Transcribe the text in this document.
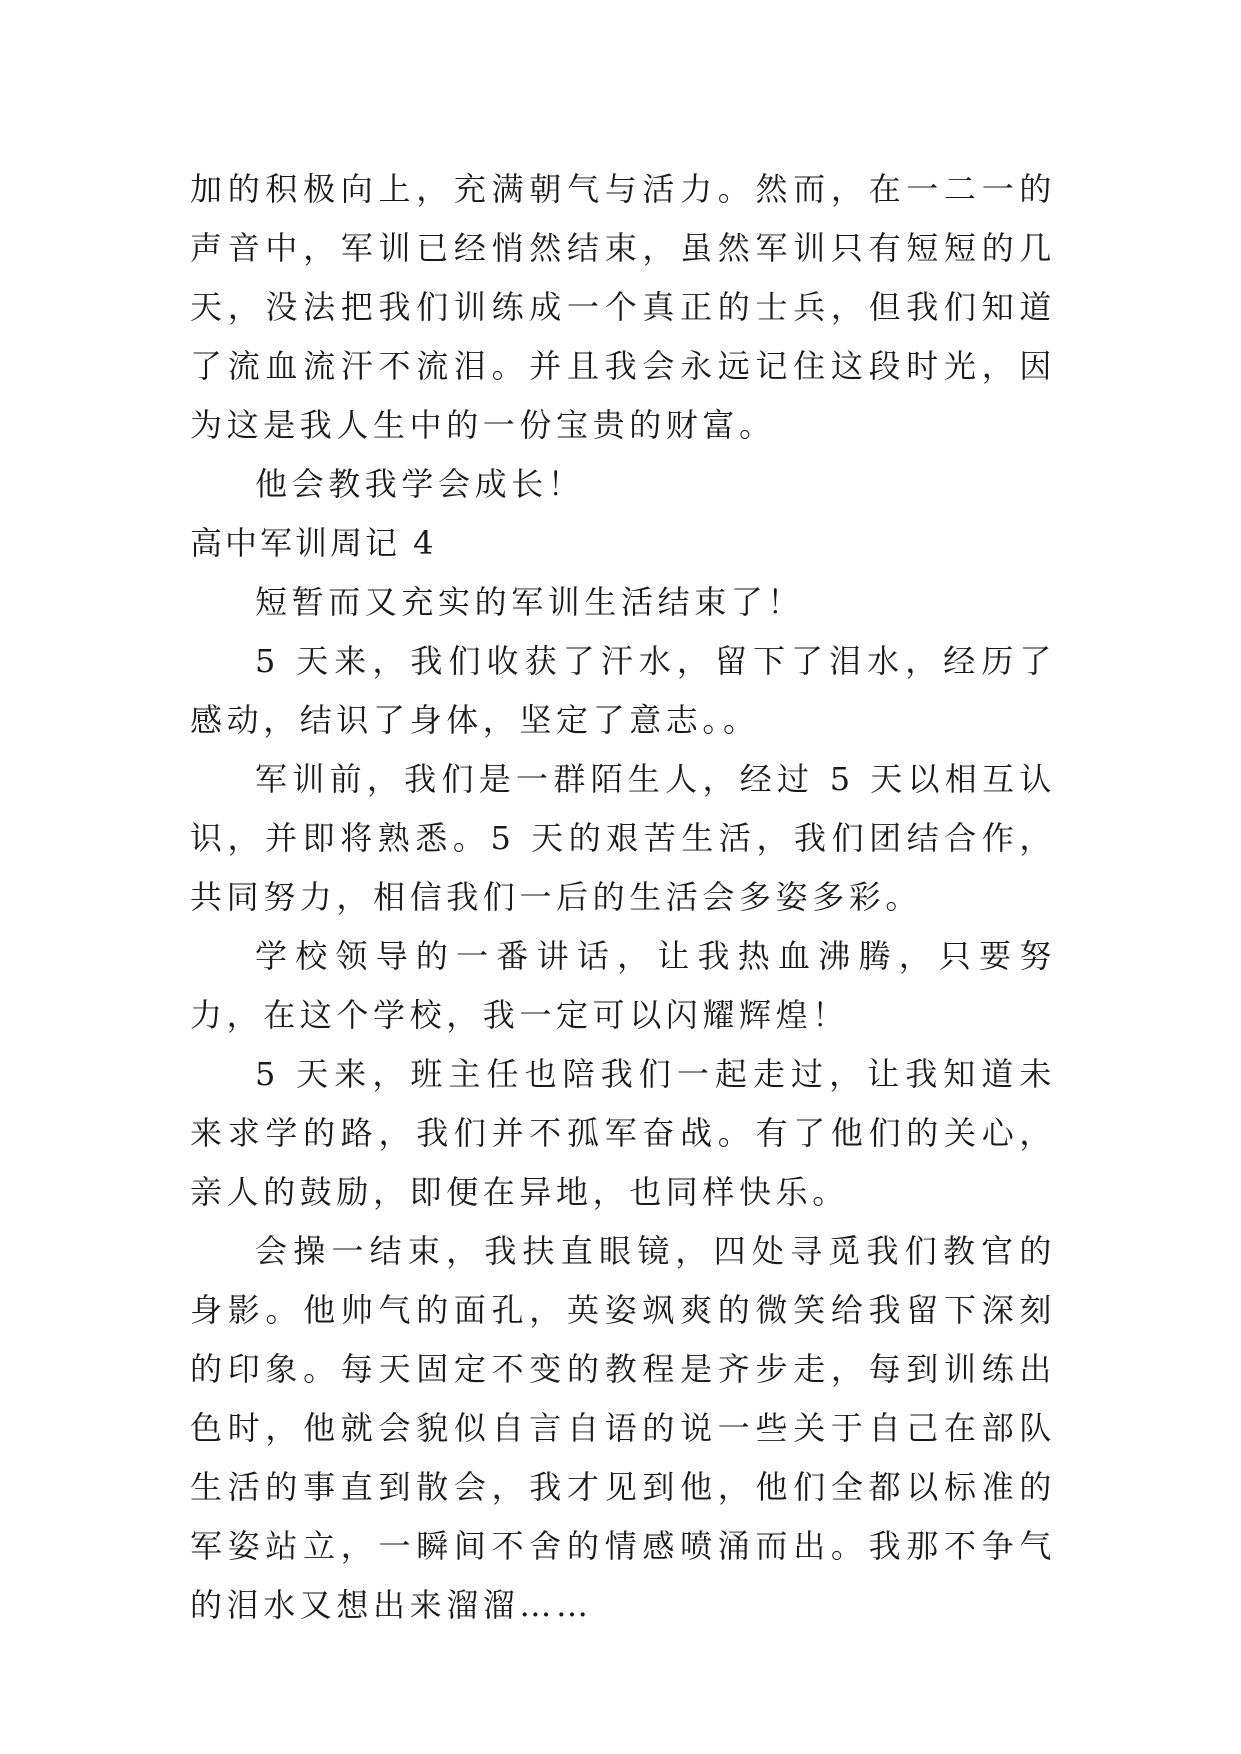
加的积极向上，充满朝气与活力。然而，在一二一的声音中，军训已经悄然结束，虽然军训只有短短的几天，没法把我们训练成一个真正的士兵，但我们知道了流血流汗不流泪。并且我会永远记住这段时光，因为这是我人生中的一份宝贵的财富。

他会教我学会成长！

高中军训周记 4

短暂而又充实的军训生活结束了！

5 天来，我们收获了汗水，留下了泪水，经历了感动，结识了身体，坚定了意志。。

军训前，我们是一群陌生人，经过 5 天以相互认识，并即将熟悉。5 天的艰苦生活，我们团结合作，共同努力，相信我们一后的生活会多姿多彩。

学校领导的一番讲话，让我热血沸腾，只要努力，在这个学校，我一定可以闪耀辉煌！

5 天来，班主任也陪我们一起走过，让我知道未来求学的路，我们并不孤军奋战。有了他们的关心，亲人的鼓励，即便在异地，也同样快乐。

会操一结束，我扶直眼镜，四处寻觅我们教官的身影。他帅气的面孔，英姿飒爽的微笑给我留下深刻的印象。每天固定不变的教程是齐步走，每到训练出色时，他就会貌似自言自语的说一些关于自己在部队生活的事直到散会，我才见到他，他们全都以标准的军姿站立，一瞬间不舍的情感喷涌而出。我那不争气的泪水又想出来溜溜……
